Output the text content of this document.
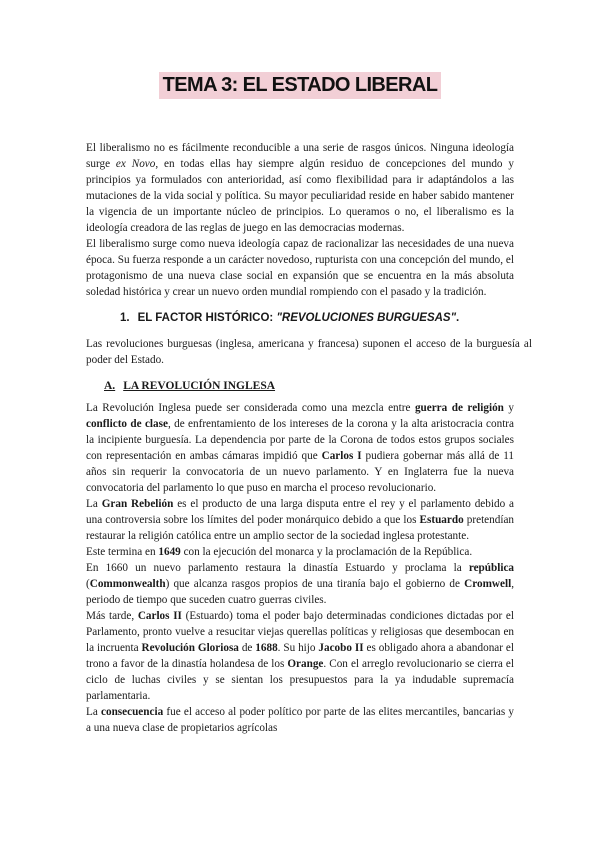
TEMA 3: EL ESTADO LIBERAL

El liberalismo no es fácilmente reconducible a una serie de rasgos únicos. Ninguna ideología surge ex Novo, en todas ellas hay siempre algún residuo de concepciones del mundo y principios ya formulados con anterioridad, así como flexibilidad para ir adaptándolos a las mutaciones de la vida social y política. Su mayor peculiaridad reside en haber sabido mantener la vigencia de un importante núcleo de principios. Lo queramos o no, el liberalismo es la ideología creadora de las reglas de juego en las democracias modernas.

El liberalismo surge como nueva ideología capaz de racionalizar las necesidades de una nueva época. Su fuerza responde a un carácter novedoso, rupturista con una concepción del mundo, el protagonismo de una nueva clase social en expansión que se encuentra en la más absoluta soledad histórica y crear un nuevo orden mundial rompiendo con el pasado y la tradición.

1. EL FACTOR HISTÓRICO: "REVOLUCIONES BURGUESAS".

Las revoluciones burguesas (inglesa, americana y francesa) suponen el acceso de la burguesía al poder del Estado.

A. LA REVOLUCIÓN INGLESA

La Revolución Inglesa puede ser considerada como una mezcla entre guerra de religión y conflicto de clase, de enfrentamiento de los intereses de la corona y la alta aristocracia contra la incipiente burguesía. La dependencia por parte de la Corona de todos estos grupos sociales con representación en ambas cámaras impidió que Carlos I pudiera gobernar más allá de 11 años sin requerir la convocatoria de un nuevo parlamento. Y en Inglaterra fue la nueva convocatoria del parlamento lo que puso en marcha el proceso revolucionario.

La Gran Rebelión es el producto de una larga disputa entre el rey y el parlamento debido a una controversia sobre los límites del poder monárquico debido a que los Estuardo pretendían restaurar la religión católica entre un amplio sector de la sociedad inglesa protestante.

Este termina en 1649 con la ejecución del monarca y la proclamación de la República.

En 1660 un nuevo parlamento restaura la dinastía Estuardo y proclama la república (Commonwealth) que alcanza rasgos propios de una tiranía bajo el gobierno de Cromwell, periodo de tiempo que suceden cuatro guerras civiles.

Más tarde, Carlos II (Estuardo) toma el poder bajo determinadas condiciones dictadas por el Parlamento, pronto vuelve a resucitar viejas querellas políticas y religiosas que desembocan en la incruenta Revolución Gloriosa de 1688. Su hijo Jacobo II es obligado ahora a abandonar el trono a favor de la dinastía holandesa de los Orange. Con el arreglo revolucionario se cierra el ciclo de luchas civiles y se sientan los presupuestos para la ya indudable supremacía parlamentaria.

La consecuencia fue el acceso al poder político por parte de las elites mercantiles, bancarias y a una nueva clase de propietarios agrícolas
